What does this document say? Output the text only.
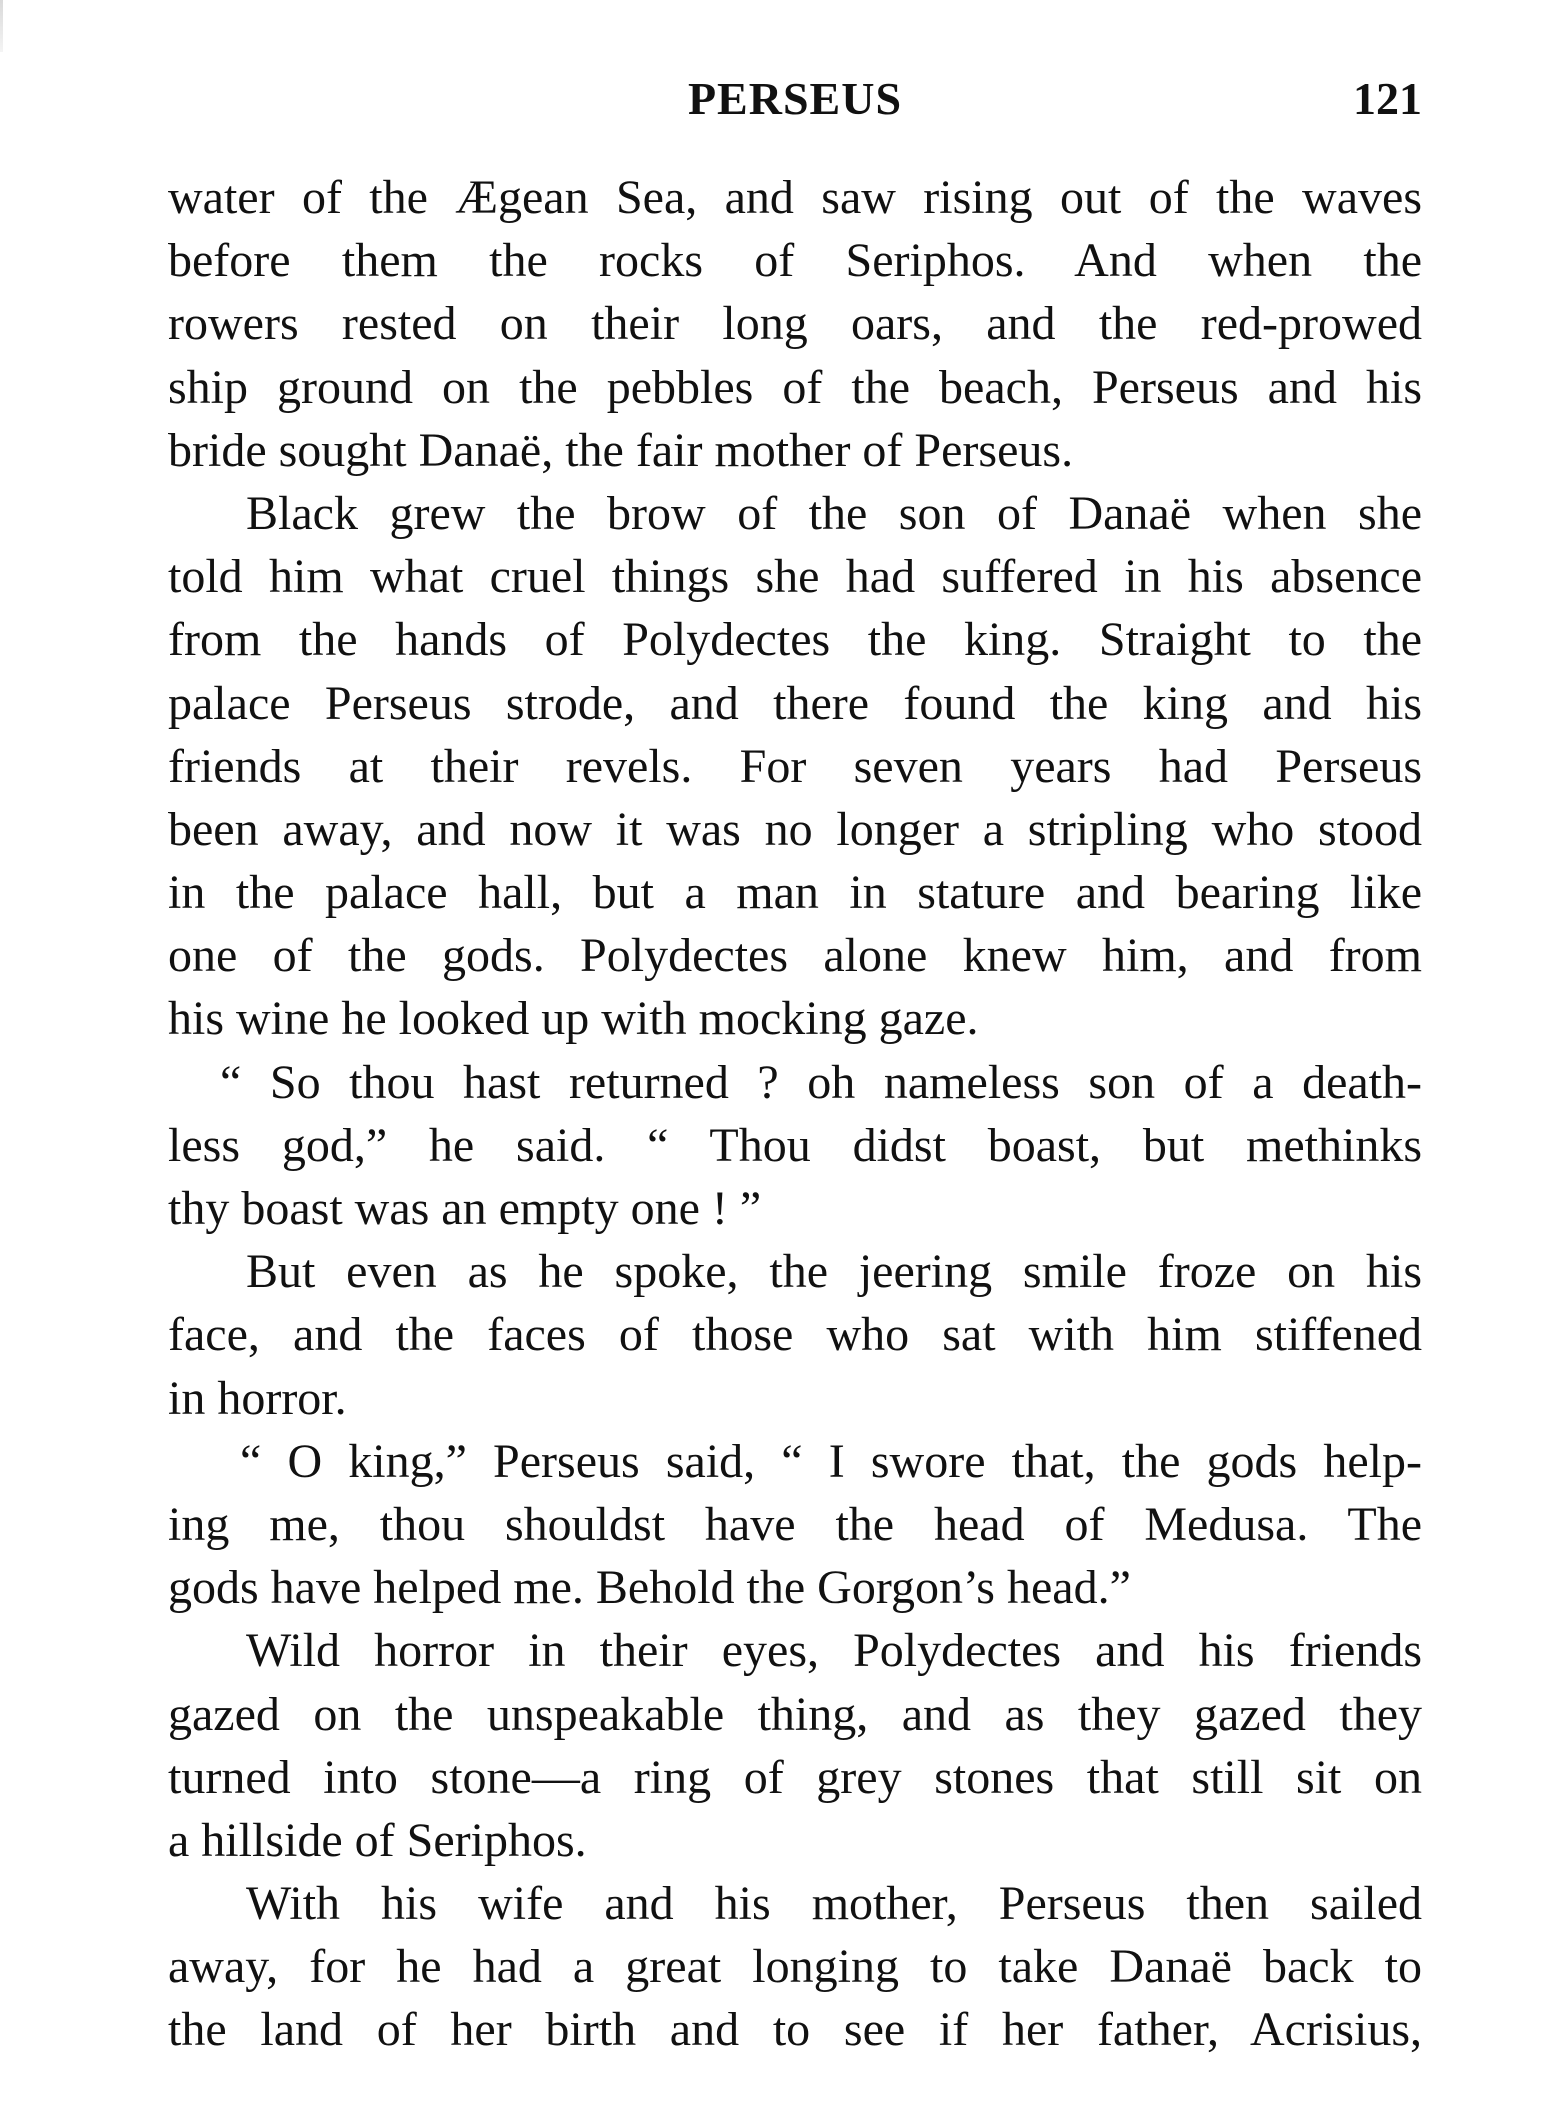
PERSEUS	121
water of the Ægean Sea, and saw rising out of the waves
before them the rocks of Seriphos. And when the
rowers rested on their long oars, and the red-prowed
ship ground on the pebbles of the beach, Perseus and his
bride sought Danaë, the fair mother of Perseus.
Black grew the brow of the son of Danaë when she
told him what cruel things she had suffered in his absence
from the hands of Polydectes the king. Straight to the
palace Perseus strode, and there found the king and his
friends at their revels. For seven years had Perseus
been away, and now it was no longer a stripling who stood
in the palace hall, but a man in stature and bearing like
one of the gods. Polydectes alone knew him, and from
his wine he looked up with mocking gaze.
“ So thou hast returned ? oh nameless son of a death-
less god,” he said. “ Thou didst boast, but methinks
thy boast was an empty one ! ”
But even as he spoke, the jeering smile froze on his
face, and the faces of those who sat with him stiffened
in horror.
“ O king,” Perseus said, “ I swore that, the gods help-
ing me, thou shouldst have the head of Medusa. The
gods have helped me. Behold the Gorgon’s head.”
Wild horror in their eyes, Polydectes and his friends
gazed on the unspeakable thing, and as they gazed they
turned into stone—a ring of grey stones that still sit on
a hillside of Seriphos.
With his wife and his mother, Perseus then sailed
away, for he had a great longing to take Danaë back to
the land of her birth and to see if her father, Acrisius,
